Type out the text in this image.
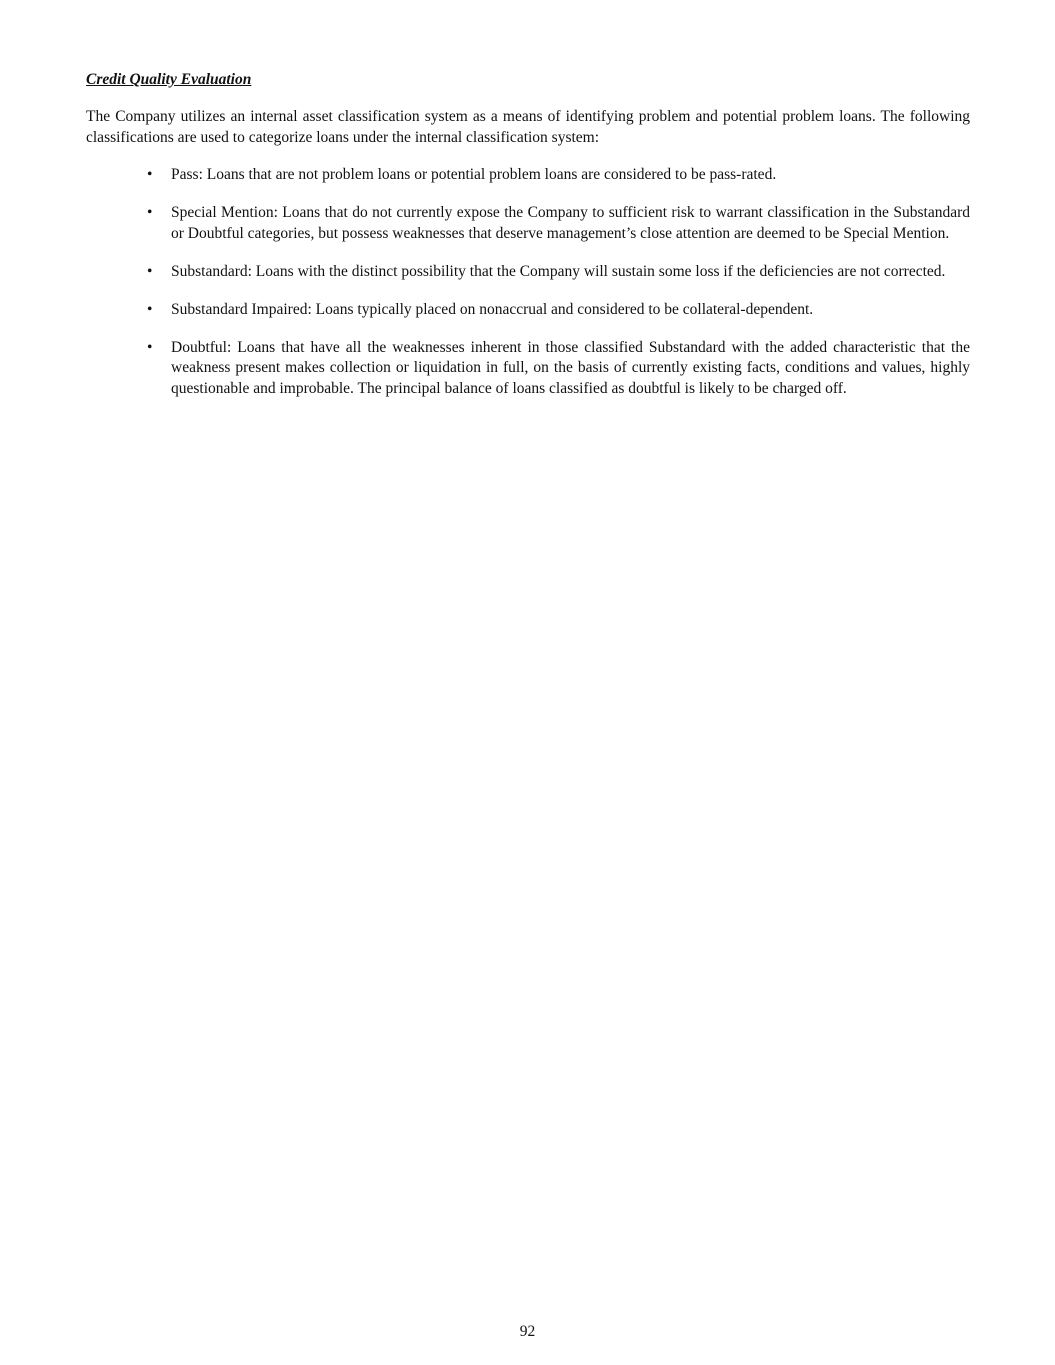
Credit Quality Evaluation

The Company utilizes an internal asset classification system as a means of identifying problem and potential problem loans. The following classifications are used to categorize loans under the internal classification system:

• Pass: Loans that are not problem loans or potential problem loans are considered to be pass-rated.
• Special Mention: Loans that do not currently expose the Company to sufficient risk to warrant classification in the Substandard or Doubtful categories, but possess weaknesses that deserve management’s close attention are deemed to be Special Mention.
• Substandard: Loans with the distinct possibility that the Company will sustain some loss if the deficiencies are not corrected.
• Substandard Impaired: Loans typically placed on nonaccrual and considered to be collateral-dependent.
• Doubtful: Loans that have all the weaknesses inherent in those classified Substandard with the added characteristic that the weakness present makes collection or liquidation in full, on the basis of currently existing facts, conditions and values, highly questionable and improbable. The principal balance of loans classified as doubtful is likely to be charged off.
92
